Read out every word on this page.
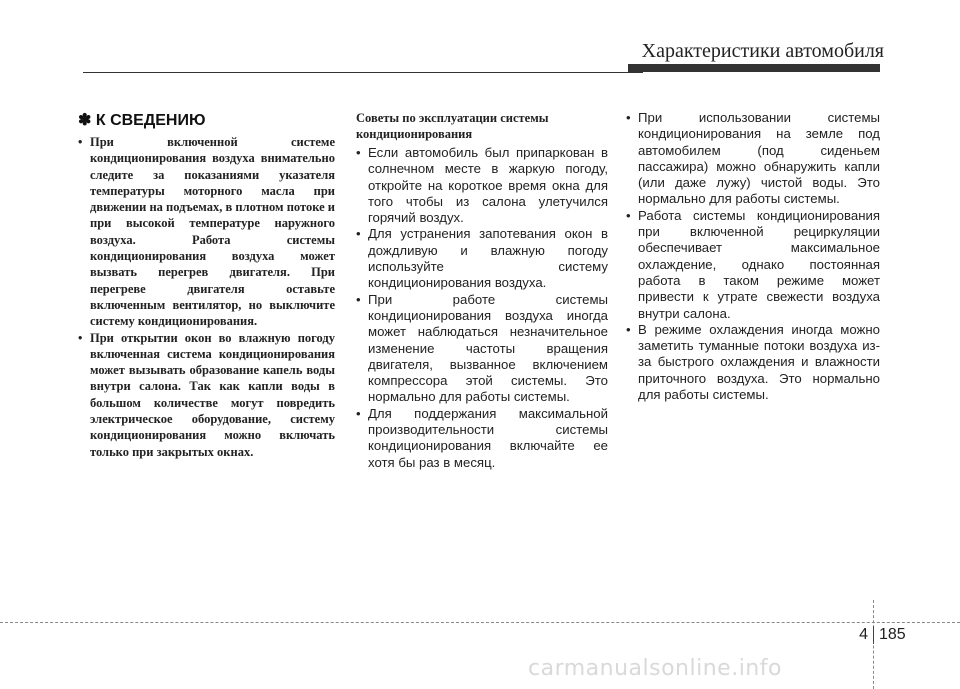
Характеристики автомобиля
✽ К СВЕДЕНИЮ
• При включенной системе кондиционирования воздуха внимательно следите за показаниями указателя температуры моторного масла при движении на подъемах, в плотном потоке и при высокой температуре наружного воздуха. Работа системы кондиционирования воздуха может вызвать перегрев двигателя. При перегреве двигателя оставьте включенным вентилятор, но выключите систему кондиционирования.
• При открытии окон во влажную погоду включенная система кондиционирования может вызывать образование капель воды внутри салона. Так как капли воды в большом количестве могут повредить электрическое оборудование, систему кондиционирования можно включать только при закрытых окнах.
Советы по эксплуатации системы кондиционирования
• Если автомобиль был припаркован в солнечном месте в жаркую погоду, откройте на короткое время окна для того чтобы из салона улетучился горячий воздух.
• Для устранения запотевания окон в дождливую и влажную погоду используйте систему кондиционирования воздуха.
• При работе системы кондиционирования воздуха иногда может наблюдаться незначительное изменение частоты вращения двигателя, вызванное включением компрессора этой системы. Это нормально для работы системы.
• Для поддержания максимальной производительности системы кондиционирования включайте ее хотя бы раз в месяц.
• При использовании системы кондиционирования на земле под автомобилем (под сиденьем пассажира) можно обнаружить капли (или даже лужу) чистой воды. Это нормально для работы системы.
• Работа системы кондиционирования при включенной рециркуляции обеспечивает максимальное охлаждение, однако постоянная работа в таком режиме может привести к утрате свежести воздуха внутри салона.
• В режиме охлаждения иногда можно заметить туманные потоки воздуха из-за быстрого охлаждения и влажности приточного воздуха. Это нормально для работы системы.
4 185
carmanualsonline.info
